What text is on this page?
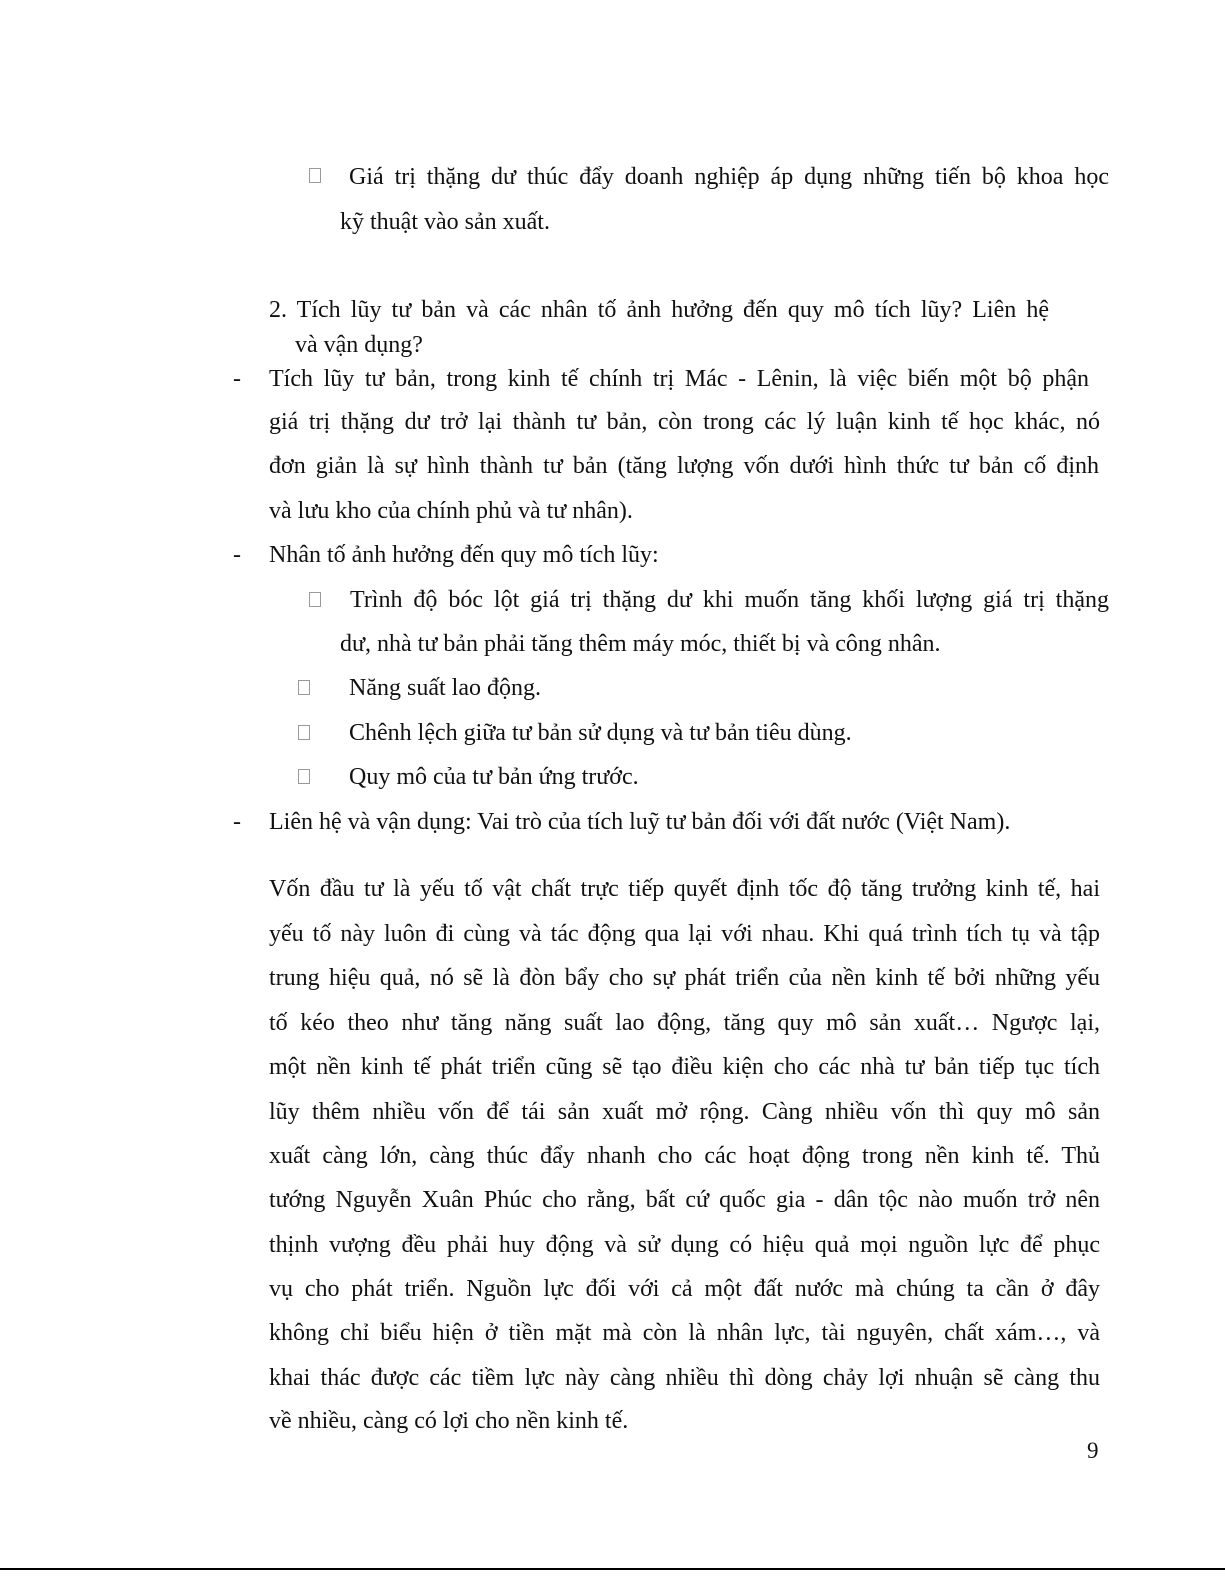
Giá trị thặng dư thúc đẩy doanh nghiệp áp dụng những tiến bộ khoa học
kỹ thuật vào sản xuất.
2. Tích lũy tư bản và các nhân tố ảnh hưởng đến quy mô tích lũy? Liên hệ
và vận dụng?
- Tích lũy tư bản, trong kinh tế chính trị Mác - Lênin, là việc biến một bộ phận
giá trị thặng dư trở lại thành tư bản, còn trong các lý luận kinh tế học khác, nó
đơn giản là sự hình thành tư bản (tăng lượng vốn dưới hình thức tư bản cố định
và lưu kho của chính phủ và tư nhân).
- Nhân tố ảnh hưởng đến quy mô tích lũy:
Trình độ bóc lột giá trị thặng dư khi muốn tăng khối lượng giá trị thặng
dư, nhà tư bản phải tăng thêm máy móc, thiết bị và công nhân.
Năng suất lao động.
Chênh lệch giữa tư bản sử dụng và tư bản tiêu dùng.
Quy mô của tư bản ứng trước.
- Liên hệ và vận dụng: Vai trò của tích luỹ tư bản đối với đất nước (Việt Nam).
Vốn đầu tư là yếu tố vật chất trực tiếp quyết định tốc độ tăng trưởng kinh tế, hai
yếu tố này luôn đi cùng và tác động qua lại với nhau. Khi quá trình tích tụ và tập
trung hiệu quả, nó sẽ là đòn bẩy cho sự phát triển của nền kinh tế bởi những yếu
tố kéo theo như tăng năng suất lao động, tăng quy mô sản xuất… Ngược lại,
một nền kinh tế phát triển cũng sẽ tạo điều kiện cho các nhà tư bản tiếp tục tích
lũy thêm nhiều vốn để tái sản xuất mở rộng. Càng nhiều vốn thì quy mô sản
xuất càng lớn, càng thúc đẩy nhanh cho các hoạt động trong nền kinh tế. Thủ
tướng Nguyễn Xuân Phúc cho rằng, bất cứ quốc gia - dân tộc nào muốn trở nên
thịnh vượng đều phải huy động và sử dụng có hiệu quả mọi nguồn lực để phục
vụ cho phát triển. Nguồn lực đối với cả một đất nước mà chúng ta cần ở đây
không chỉ biểu hiện ở tiền mặt mà còn là nhân lực, tài nguyên, chất xám…, và
khai thác được các tiềm lực này càng nhiều thì dòng chảy lợi nhuận sẽ càng thu
về nhiều, càng có lợi cho nền kinh tế.
9
